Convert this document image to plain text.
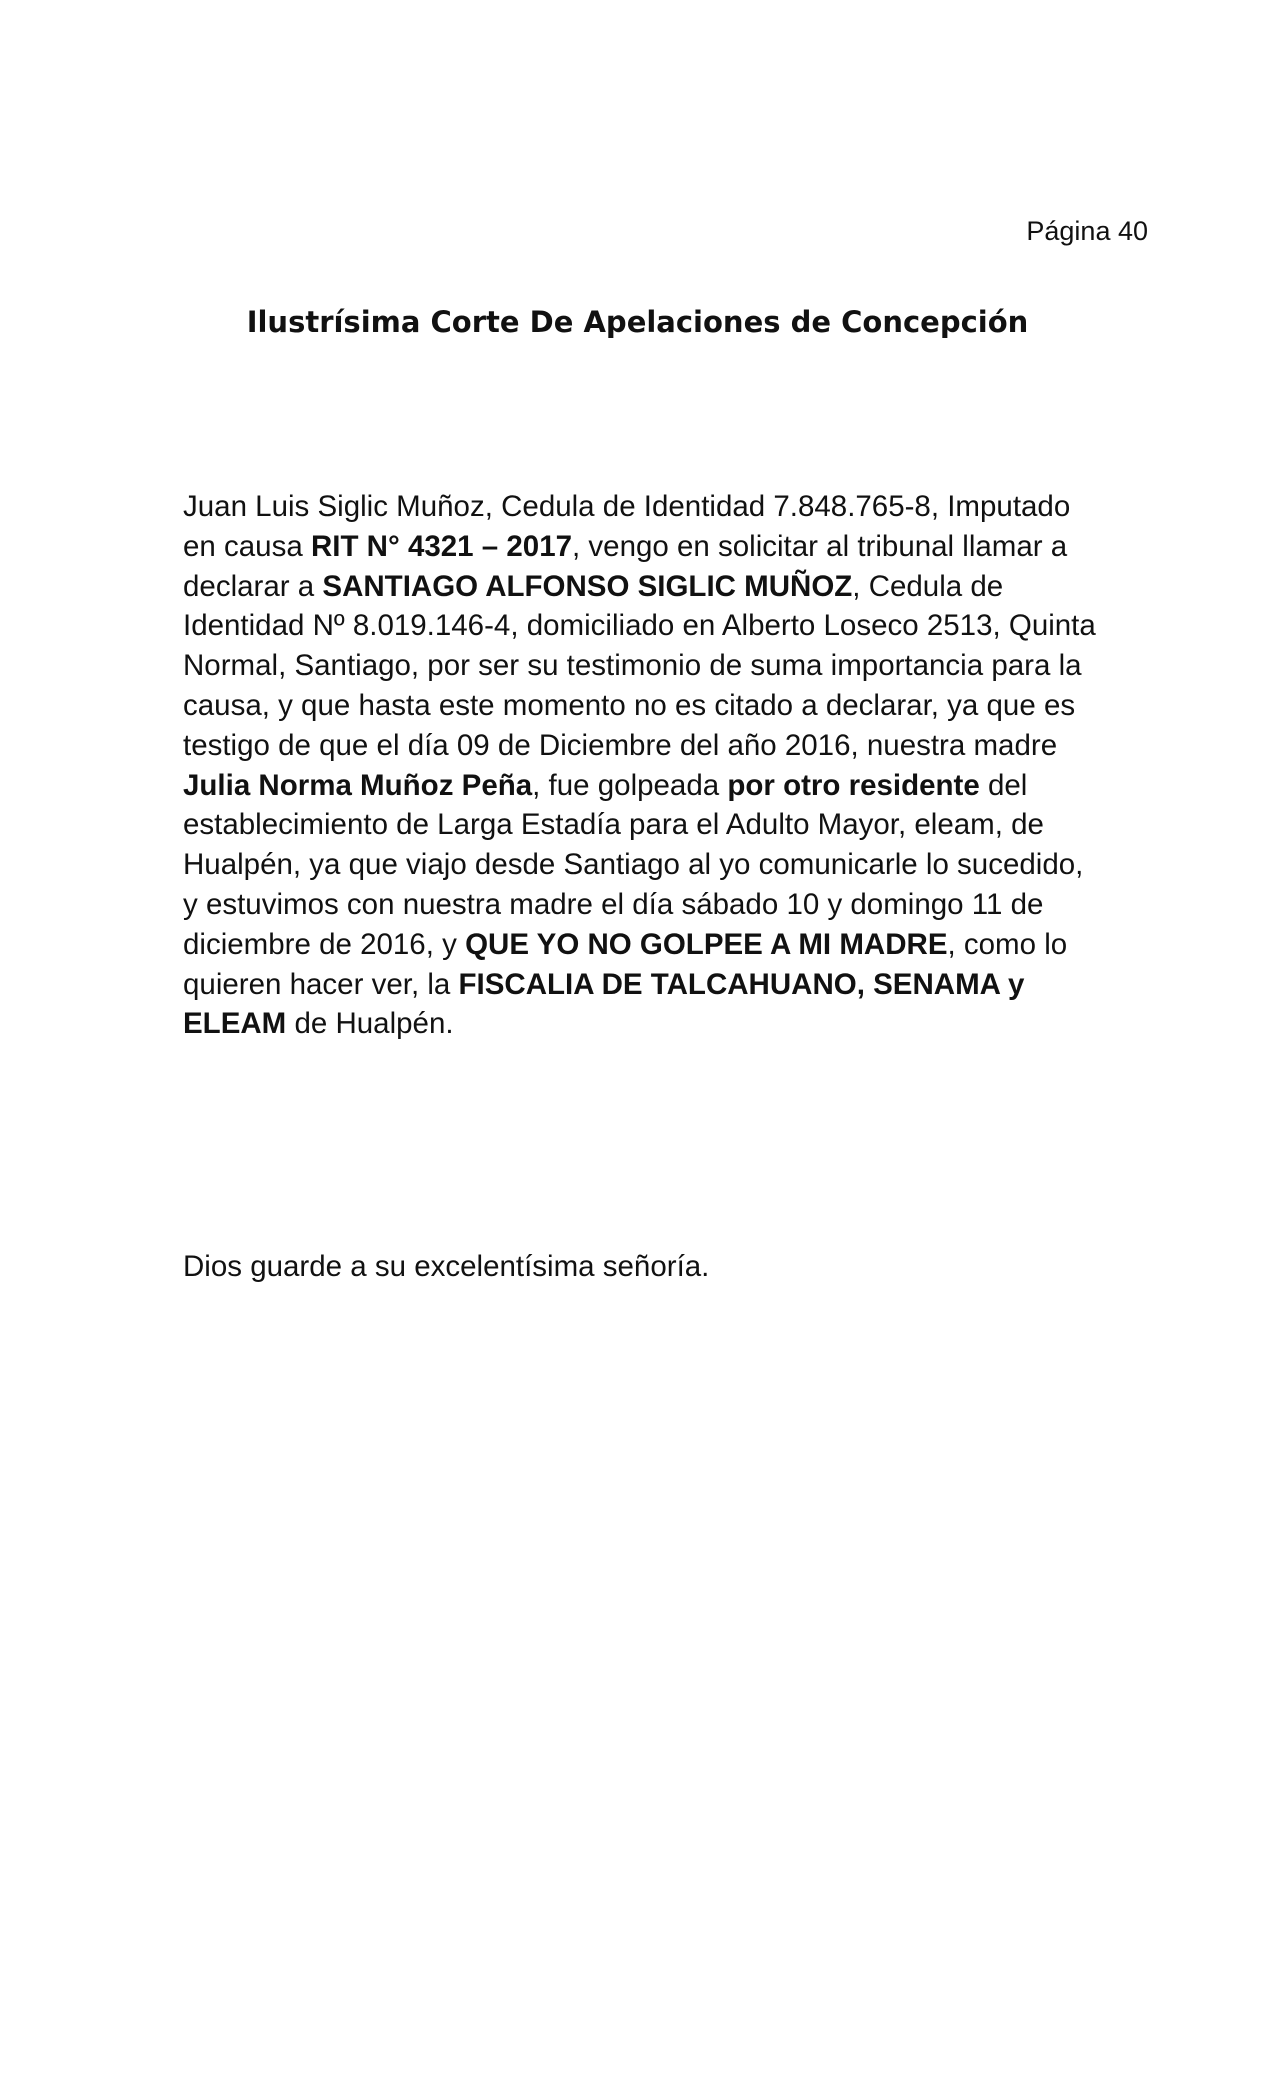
Página 40
Ilustrísima Corte De Apelaciones de Concepción

Juan Luis Siglic Muñoz, Cedula de Identidad 7.848.765-8, Imputado en causa RIT N° 4321 – 2017, vengo en solicitar al tribunal llamar a declarar a SANTIAGO ALFONSO SIGLIC MUÑOZ, Cedula de Identidad Nº 8.019.146-4, domiciliado en Alberto Loseco 2513, Quinta Normal, Santiago, por ser su testimonio de suma importancia para la causa, y que hasta este momento no es citado a declarar, ya que es testigo de que el día 09 de Diciembre del año 2016, nuestra madre Julia Norma Muñoz Peña, fue golpeada por otro residente del establecimiento de Larga Estadía para el Adulto Mayor, eleam, de Hualpén, ya que viajo desde Santiago al yo comunicarle lo sucedido, y estuvimos con nuestra madre el día sábado 10 y domingo 11 de diciembre de 2016, y QUE YO NO GOLPEE A MI MADRE, como lo quieren hacer ver, la FISCALIA DE TALCAHUANO, SENAMA y ELEAM de Hualpén.

Dios guarde a su excelentísima señoría.
